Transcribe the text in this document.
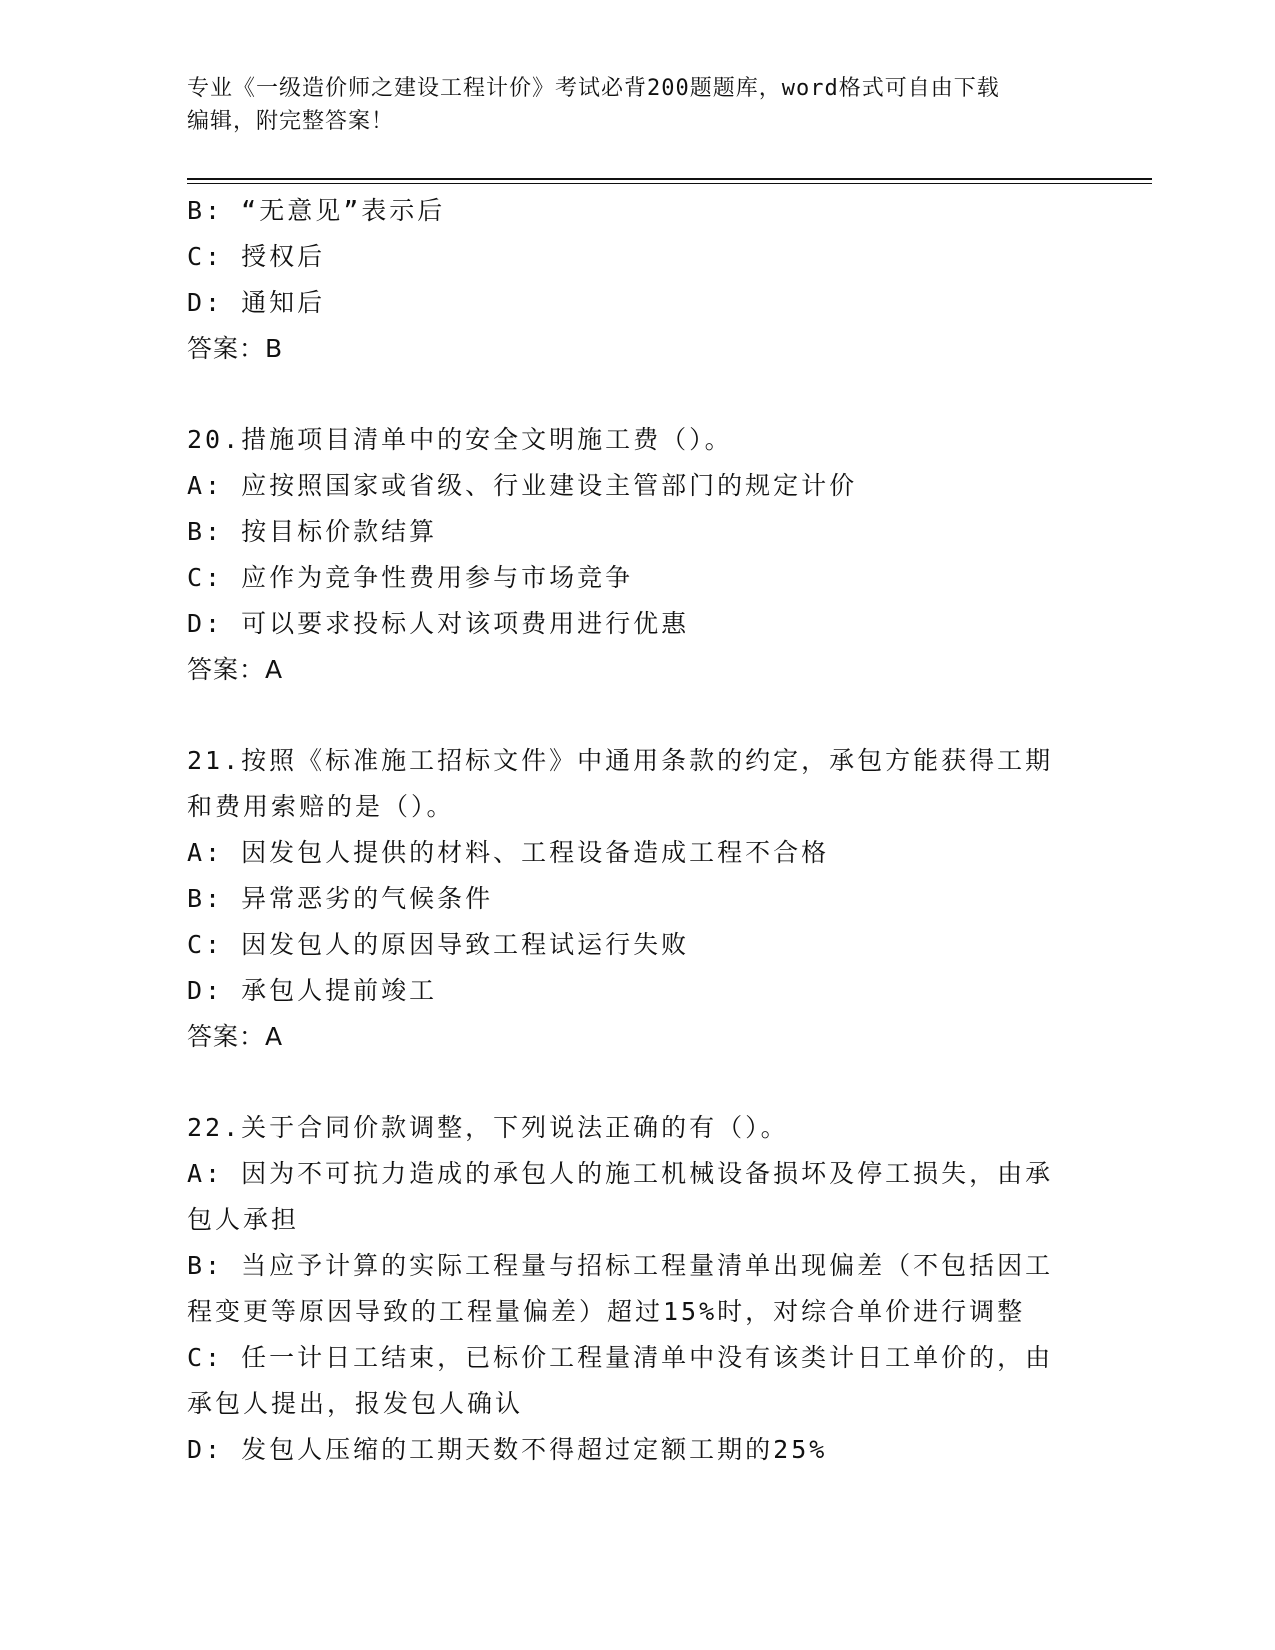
专业《一级造价师之建设工程计价》考试必背200题题库，word格式可自由下载
编辑，附完整答案！
B: “无意见”表示后
C: 授权后
D: 通知后
答案：B
20.措施项目清单中的安全文明施工费（）。
A: 应按照国家或省级、行业建设主管部门的规定计价
B: 按目标价款结算
C: 应作为竞争性费用参与市场竞争
D: 可以要求投标人对该项费用进行优惠
答案：A
21.按照《标准施工招标文件》中通用条款的约定，承包方能获得工期
和费用索赔的是（）。
A: 因发包人提供的材料、工程设备造成工程不合格
B: 异常恶劣的气候条件
C: 因发包人的原因导致工程试运行失败
D: 承包人提前竣工
答案：A
22.关于合同价款调整，下列说法正确的有（）。
A: 因为不可抗力造成的承包人的施工机械设备损坏及停工损失，由承
包人承担
B: 当应予计算的实际工程量与招标工程量清单出现偏差（不包括因工
程变更等原因导致的工程量偏差）超过15%时，对综合单价进行调整
C: 任一计日工结束，已标价工程量清单中没有该类计日工单价的，由
承包人提出，报发包人确认
D: 发包人压缩的工期天数不得超过定额工期的25%
